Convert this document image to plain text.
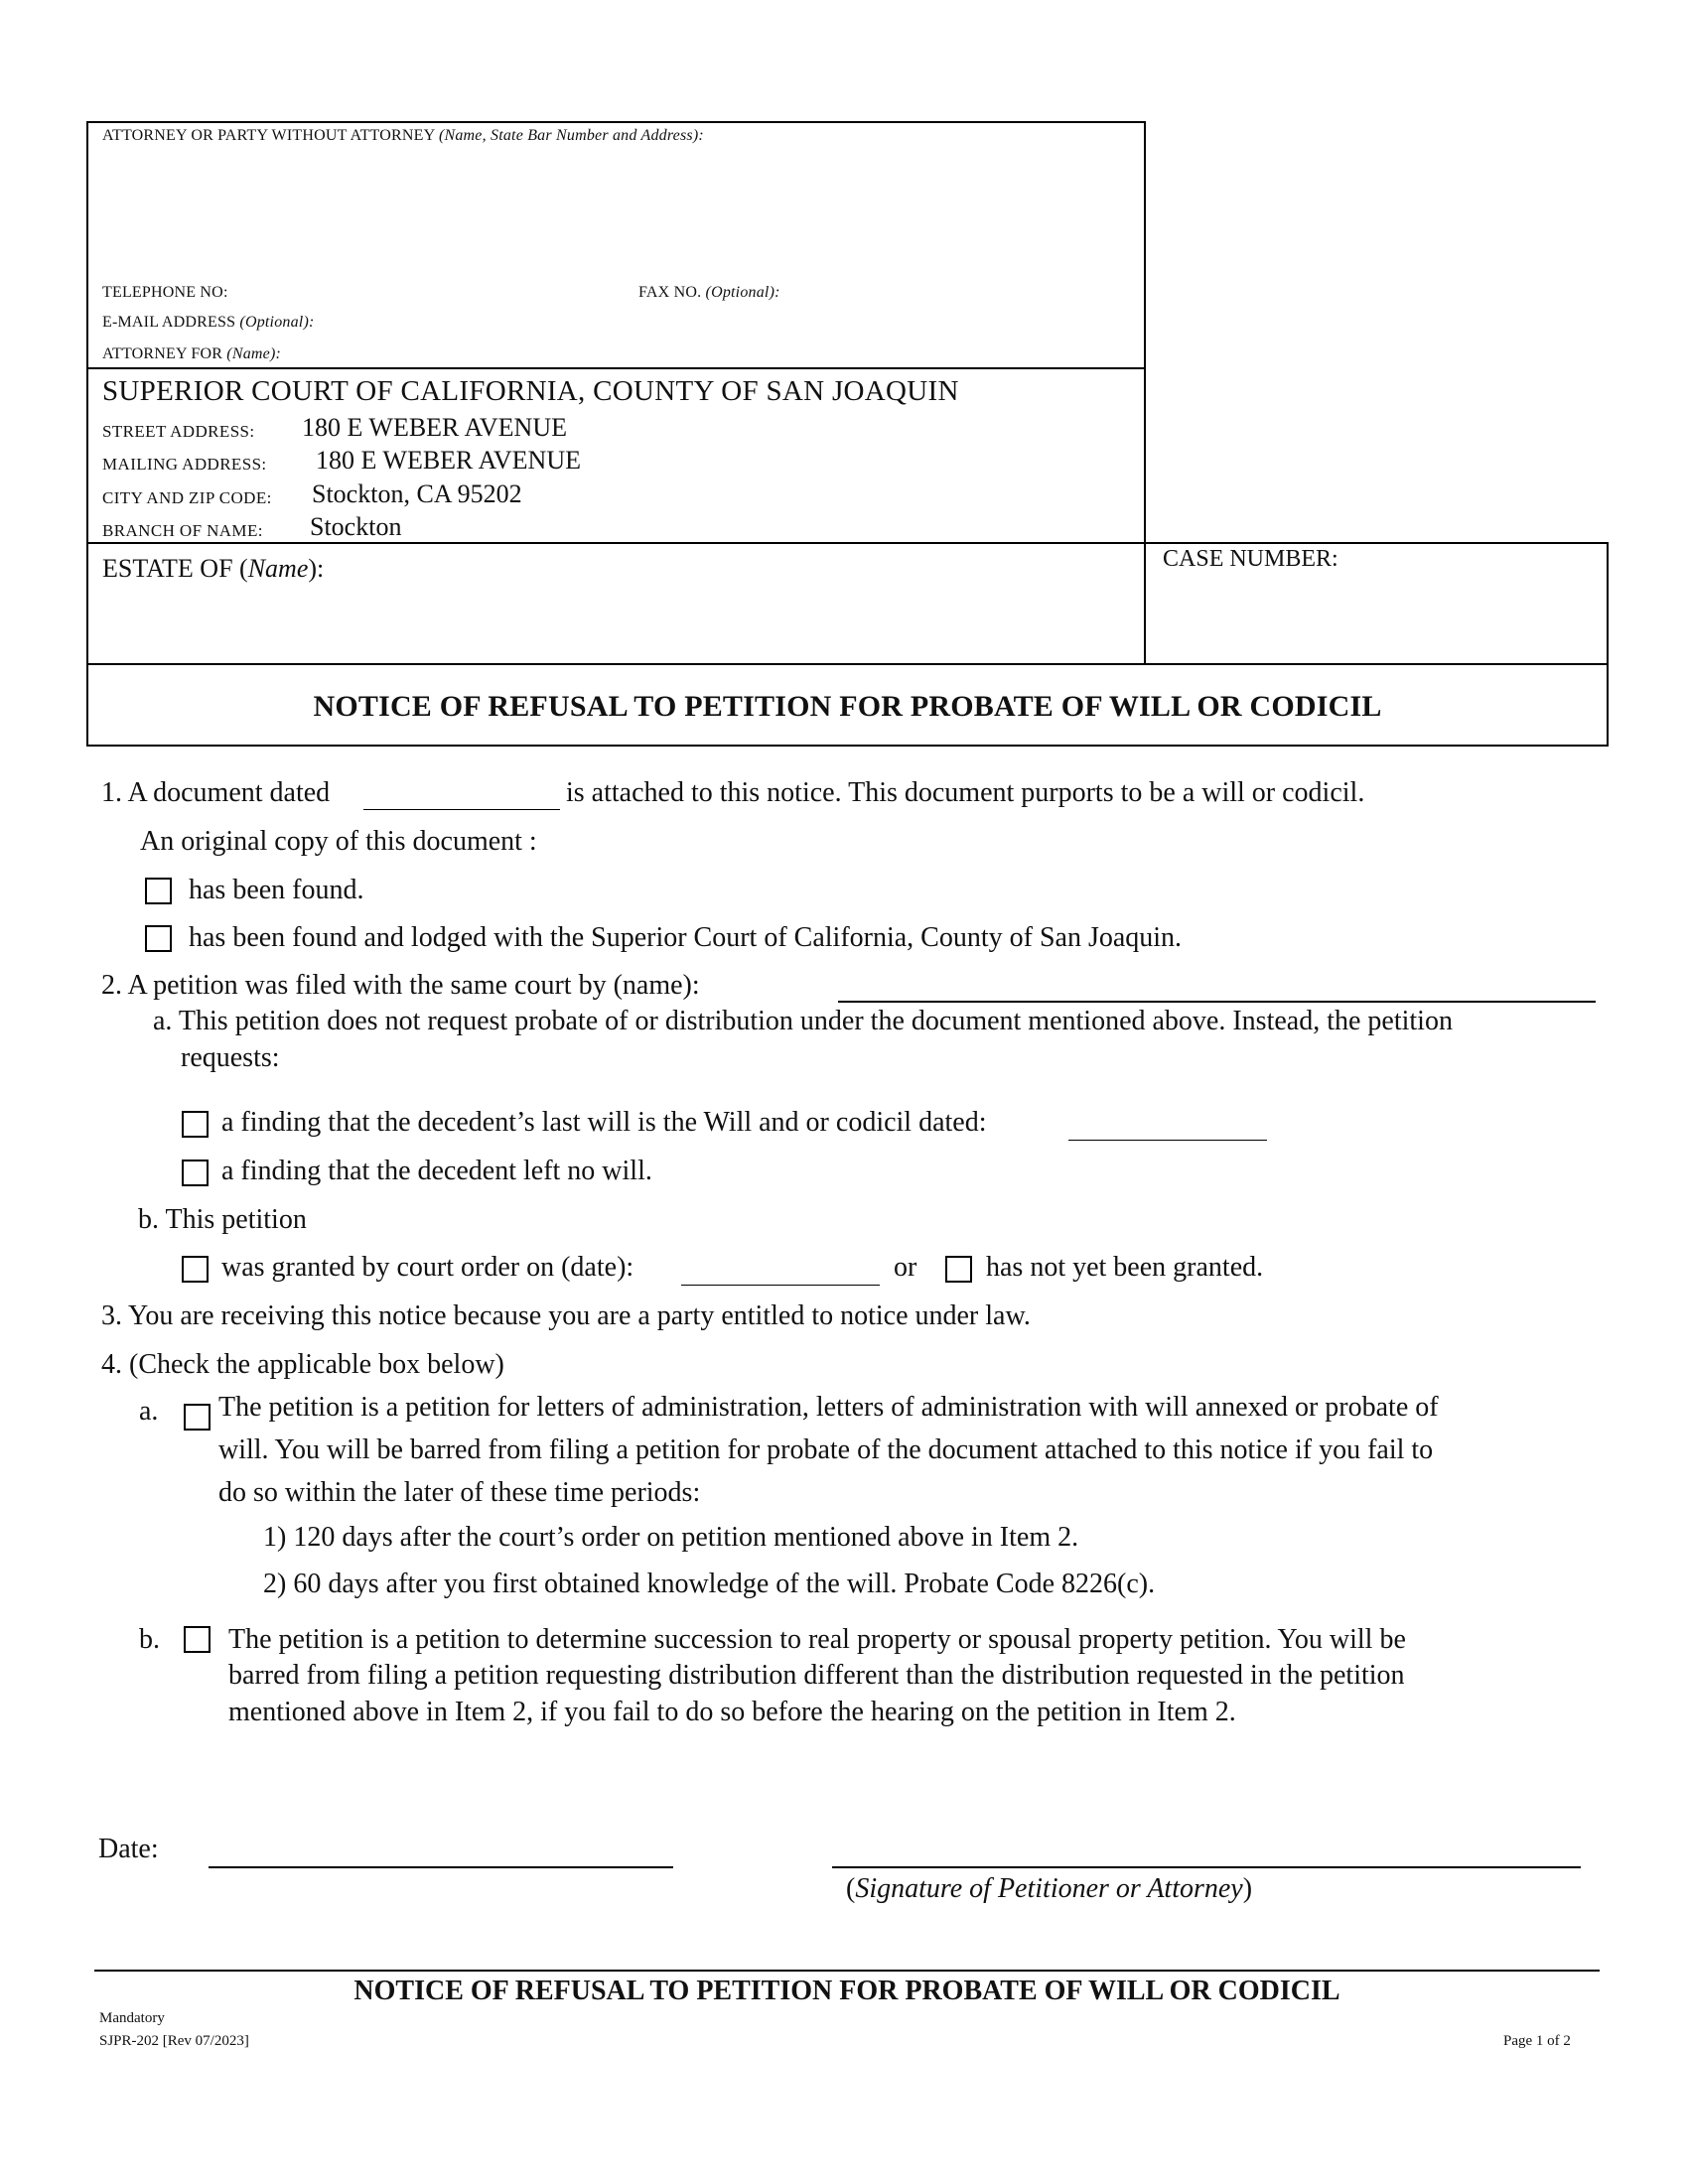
ATTORNEY OR PARTY WITHOUT ATTORNEY (Name, State Bar Number and Address):
TELEPHONE NO:	FAX NO. (Optional):
E-MAIL ADDRESS (Optional):
ATTORNEY FOR (Name):
SUPERIOR COURT OF CALIFORNIA, COUNTY OF SAN JOAQUIN
STREET ADDRESS: 180 E WEBER AVENUE
MAILING ADDRESS: 180 E WEBER AVENUE
CITY AND ZIP CODE: Stockton, CA 95202
BRANCH OF NAME: Stockton
ESTATE OF (Name):	CASE NUMBER:
NOTICE OF REFUSAL TO PETITION FOR PROBATE OF WILL OR CODICIL
1. A document dated	is attached to this notice. This document purports to be a will or codicil.
An original copy of this document :
has been found.
has been found and lodged with the Superior Court of California, County of San Joaquin.
2. A petition was filed with the same court by (name):
a. This petition does not request probate of or distribution under the document mentioned above. Instead, the petition
requests:
a finding that the decedent’s last will is the Will and or codicil dated:
a finding that the decedent left no will.
b. This petition
was granted by court order on (date):	or has not yet been granted.
3. You are receiving this notice because you are a party entitled to notice under law.
4. (Check the applicable box below)
a. The petition is a petition for letters of administration, letters of administration with will annexed or probate of
will. You will be barred from filing a petition for probate of the document attached to this notice if you fail to
do so within the later of these time periods:
1) 120 days after the court’s order on petition mentioned above in Item 2.
2) 60 days after you first obtained knowledge of the will. Probate Code 8226(c).
b. The petition is a petition to determine succession to real property or spousal property petition. You will be
barred from filing a petition requesting distribution different than the distribution requested in the petition
mentioned above in Item 2, if you fail to do so before the hearing on the petition in Item 2.
Date:
(Signature of Petitioner or Attorney)
NOTICE OF REFUSAL TO PETITION FOR PROBATE OF WILL OR CODICIL
Mandatory
SJPR-202 [Rev 07/2023]	Page 1 of 2
